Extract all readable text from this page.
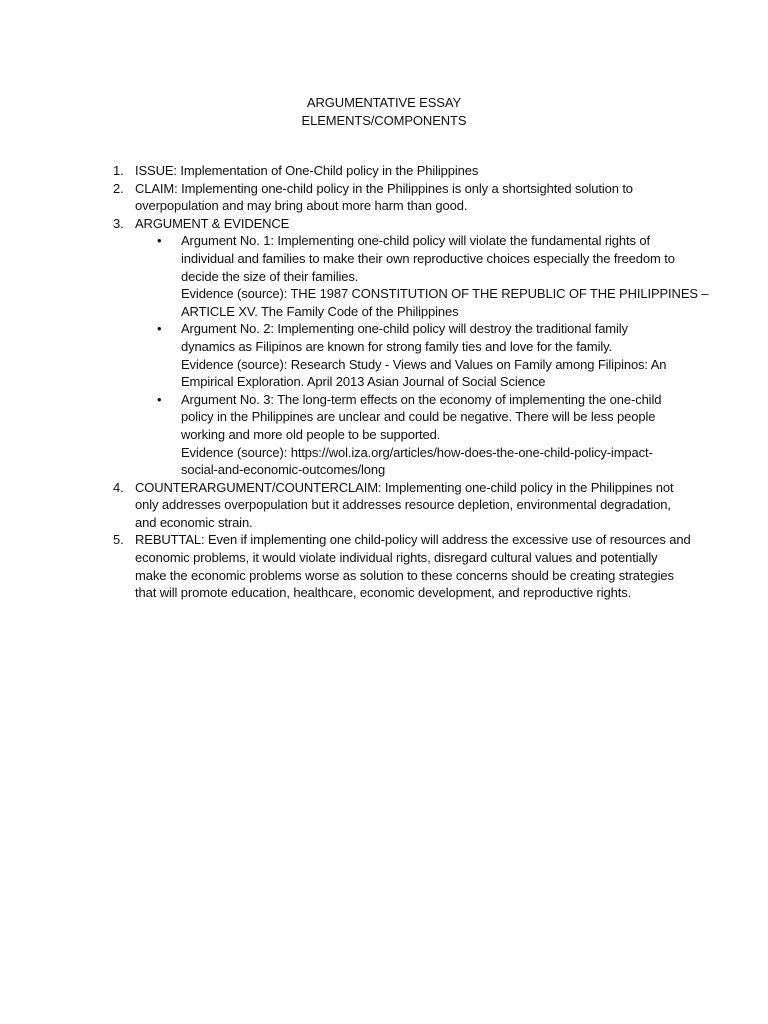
ARGUMENTATIVE ESSAY
ELEMENTS/COMPONENTS
1. ISSUE: Implementation of One-Child policy in the Philippines
2. CLAIM: Implementing one-child policy in the Philippines is only a shortsighted solution to
overpopulation and may bring about more harm than good.
3. ARGUMENT & EVIDENCE
• Argument No. 1: Implementing one-child policy will violate the fundamental rights of
individual and families to make their own reproductive choices especially the freedom to
decide the size of their families.
Evidence (source): THE 1987 CONSTITUTION OF THE REPUBLIC OF THE PHILIPPINES –
ARTICLE XV. The Family Code of the Philippines
• Argument No. 2: Implementing one-child policy will destroy the traditional family
dynamics as Filipinos are known for strong family ties and love for the family.
Evidence (source): Research Study - Views and Values on Family among Filipinos: An
Empirical Exploration. April 2013 Asian Journal of Social Science
• Argument No. 3: The long-term effects on the economy of implementing the one-child
policy in the Philippines are unclear and could be negative. There will be less people
working and more old people to be supported.
Evidence (source): https://wol.iza.org/articles/how-does-the-one-child-policy-impact-
social-and-economic-outcomes/long
4. COUNTERARGUMENT/COUNTERCLAIM: Implementing one-child policy in the Philippines not
only addresses overpopulation but it addresses resource depletion, environmental degradation,
and economic strain.
5. REBUTTAL: Even if implementing one child-policy will address the excessive use of resources and
economic problems, it would violate individual rights, disregard cultural values and potentially
make the economic problems worse as solution to these concerns should be creating strategies
that will promote education, healthcare, economic development, and reproductive rights.
